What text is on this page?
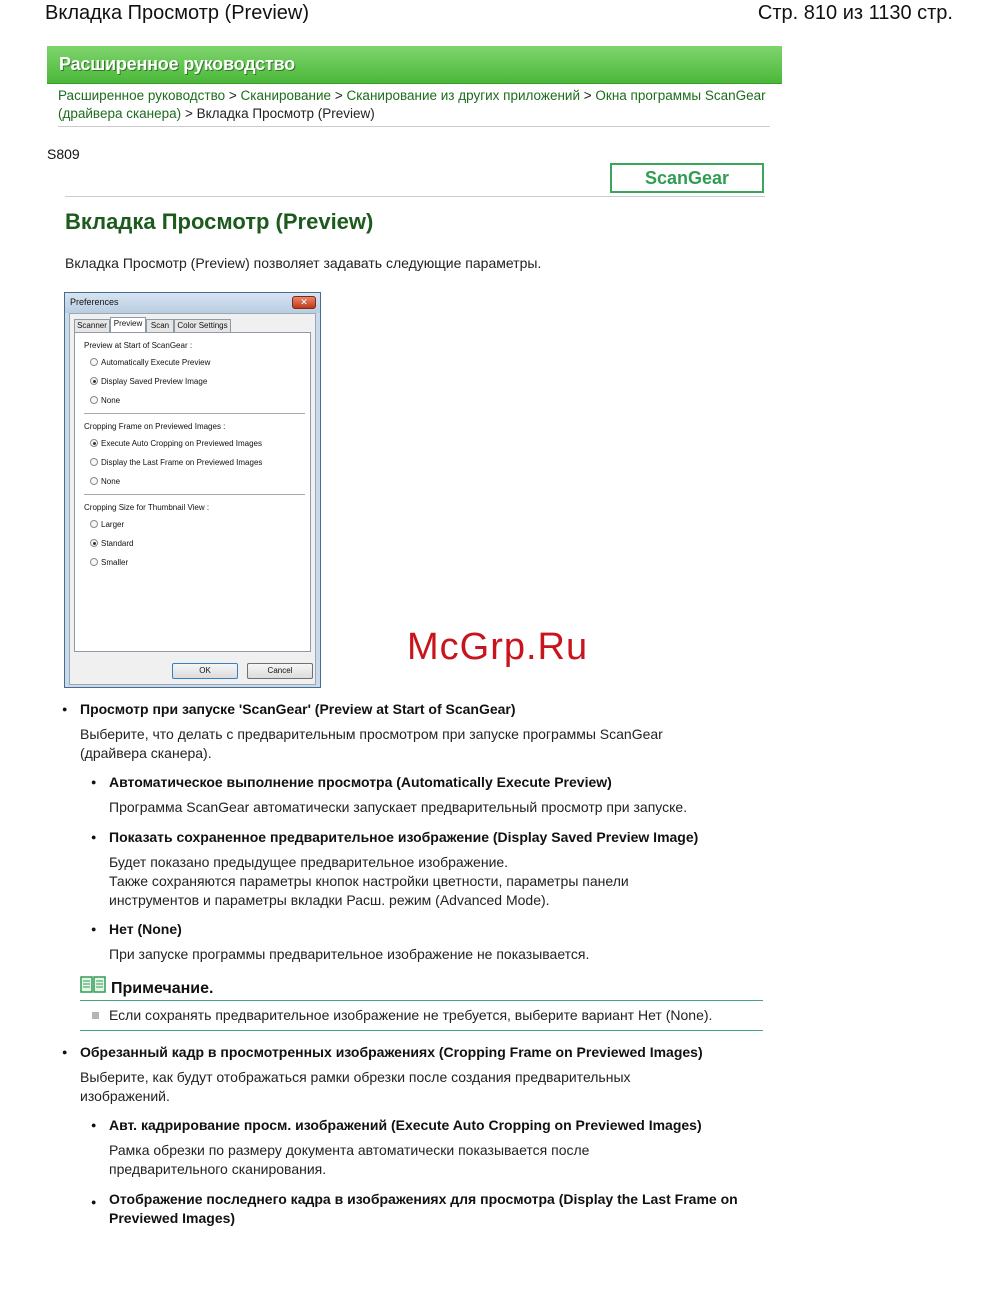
Вкладка Просмотр (Preview)	Стр. 810 из 1130 стр.
Расширенное руководство
Расширенное руководство > Сканирование > Сканирование из других приложений > Окна программы ScanGear
(драйвера сканера) > Вкладка Просмотр (Preview)
S809
ScanGear
Вкладка Просмотр (Preview)
Вкладка Просмотр (Preview) позволяет задавать следующие параметры.
Preferences	✕
Scanner Preview	Scan	Color Settings
Preview at Start of ScanGear :
Automatically Execute Preview
Display Saved Preview Image
None
Cropping Frame on Previewed Images :
Execute Auto Cropping on Previewed Images
Display the Last Frame on Previewed Images
None
Cropping Size for Thumbnail View :
Larger
Standard
Smaller
OK	Cancel
McGrp.Ru
● Просмотр при запуске 'ScanGear' (Preview at Start of ScanGear)
Выберите, что делать с предварительным просмотром при запуске программы ScanGear
(драйвера сканера).
● Автоматическое выполнение просмотра (Automatically Execute Preview)
Программа ScanGear автоматически запускает предварительный просмотр при запуске.
● Показать сохраненное предварительное изображение (Display Saved Preview Image)
Будет показано предыдущее предварительное изображение.
Также сохраняются параметры кнопок настройки цветности, параметры панели
инструментов и параметры вкладки Расш. режим (Advanced Mode).
● Нет (None)
При запуске программы предварительное изображение не показывается.
Примечание.
Если сохранять предварительное изображение не требуется, выберите вариант Нет (None).
● Обрезанный кадр в просмотренных изображениях (Cropping Frame on Previewed Images)
Выберите, как будут отображаться рамки обрезки после создания предварительных
изображений.
● Авт. кадрирование просм. изображений (Execute Auto Cropping on Previewed Images)
Рамка обрезки по размеру документа автоматически показывается после
предварительного сканирования.
● Отображение последнего кадра в изображениях для просмотра (Display the Last Frame on
Previewed Images)
